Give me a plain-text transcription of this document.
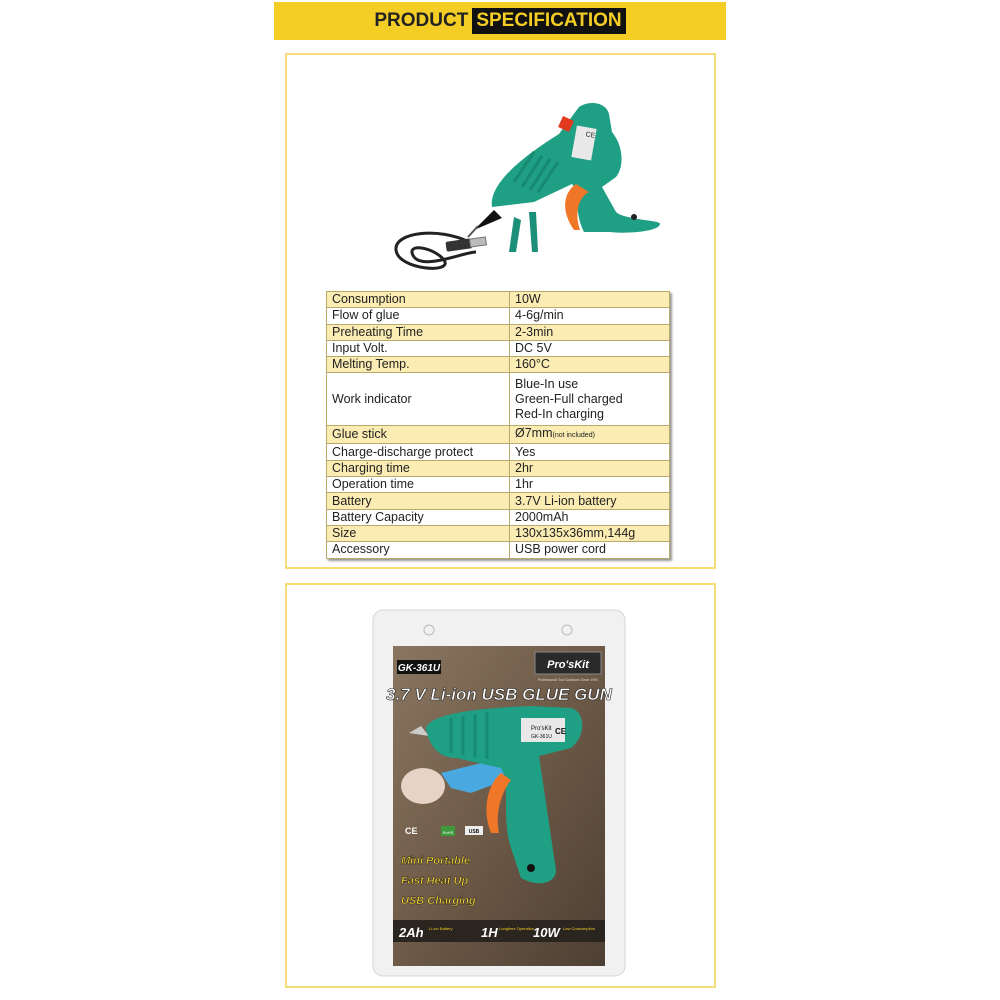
PRODUCT SPECIFICATION
CE
Consumption	10W
Flow of glue	4-6g/min
Preheating Time	2-3min
Input Volt.	DC 5V
Melting Temp.	160°C
Work indicator	Blue-In use
Green-Full charged
Red-In charging

Glue stick	Ø7mm(not included)
Charge-discharge protect	Yes
Charging time	2hr
Operation time	1hr
Battery	3.7V Li-ion battery
Battery Capacity	2000mAh
Size	130x135x36mm,144g
Accessory	USB power cord
GK-361U	Pro'sKit
Professional Tool Solutions Since 1991
3.7 V Li-ion USB GLUE GUN
Pro'sKit
GK-361U
CE
CE	RoHS	USB
Mini Portable
Fast Heat Up
USB Charging
2Ah Li-ion Battery 1H Longtime Operation
10W Low Consumption
